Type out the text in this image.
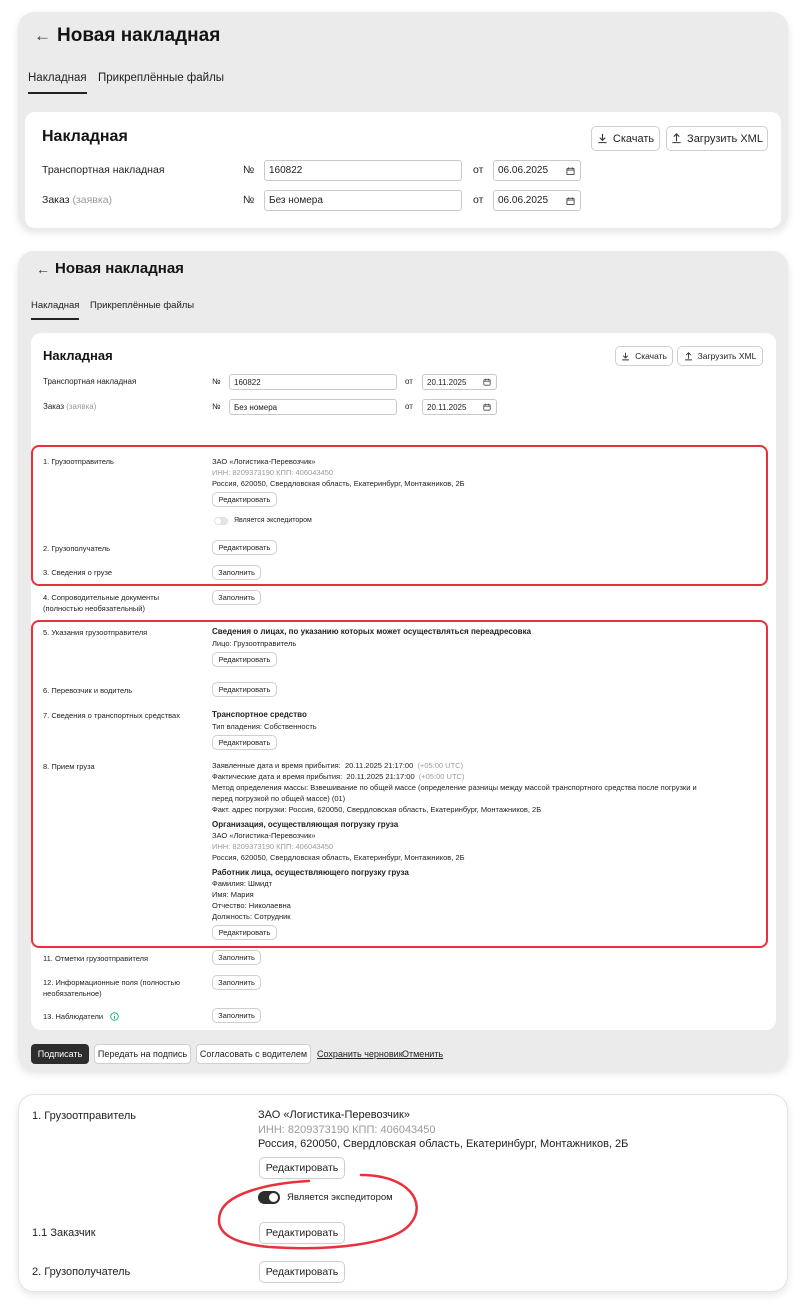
← Новая накладная
Накладная Прикреплённые файлы
Накладная	Скачать	Загрузить XML
Транспортная накладная	№ 160822	от 06.06.2025
Заказ (заявка)	№ Без номера	от 06.06.2025
← Новая накладная
Накладная Прикреплённые файлы
Накладная	Скачать	Загрузить XML
Транспортная накладная	№ 160822	от 20.11.2025
Заказ (заявка)	№ Без номера	от 20.11.2025
1. Грузоотправитель	ЗАО «Логистика-Перевозчик»
ИНН: 8209373190 КПП: 406043450
Россия, 620050, Свердловская область, Екатеринбург, Монтажников, 2Б
Редактировать
Является экспедитором
2. Грузополучатель	Редактировать
3. Сведения о грузе	Заполнить
4. Сопроводительные документы
(полностью необязательный)
Заполнить
5. Указания грузоотправителя	Сведения о лицах, по указанию которых может осуществляться переадресовка
Лицо: Грузоотправитель
Редактировать
6. Перевозчик и водитель	Редактировать
7. Сведения о транспортных средствах	Транспортное средство
Тип владения: Собственность
Редактировать
8. Прием груза	Заявленные дата и время прибытия: 20.11.2025 21:17:00 (+05:00 UTC)
Фактические дата и время прибытия: 20.11.2025 21:17:00 (+05:00 UTC)
Метод определения массы: Взвешивание по общей массе (определение разницы между массой транспортного средства после погрузки и
перед погрузкой по общей массе) (01)
Факт. адрес погрузки: Россия, 620050, Свердловская область, Екатеринбург, Монтажников, 2Б
Организация, осуществляющая погрузку груза
ЗАО «Логистика-Перевозчик»
ИНН: 8209373190 КПП: 406043450
Россия, 620050, Свердловская область, Екатеринбург, Монтажников, 2Б
Работник лица, осуществляющего погрузку груза
Фамилия: Шмидт
Имя: Мария
Отчество: Николаевна
Должность: Сотрудник
Редактировать
11. Отметки грузоотправителя	Заполнить
12. Информационные поля (полностью
необязательное)
Заполнить
13. Наблюдатели	Заполнить
Подписать Передать на подпись Согласовать с водителем Сохранить черновик Отменить
1. Грузоотправитель	ЗАО «Логистика-Перевозчик»
ИНН: 8209373190 КПП: 406043450
Россия, 620050, Свердловская область, Екатеринбург, Монтажников, 2Б
Редактировать
Является экспедитором
1.1 Заказчик	Редактировать
2. Грузополучатель	Редактировать
